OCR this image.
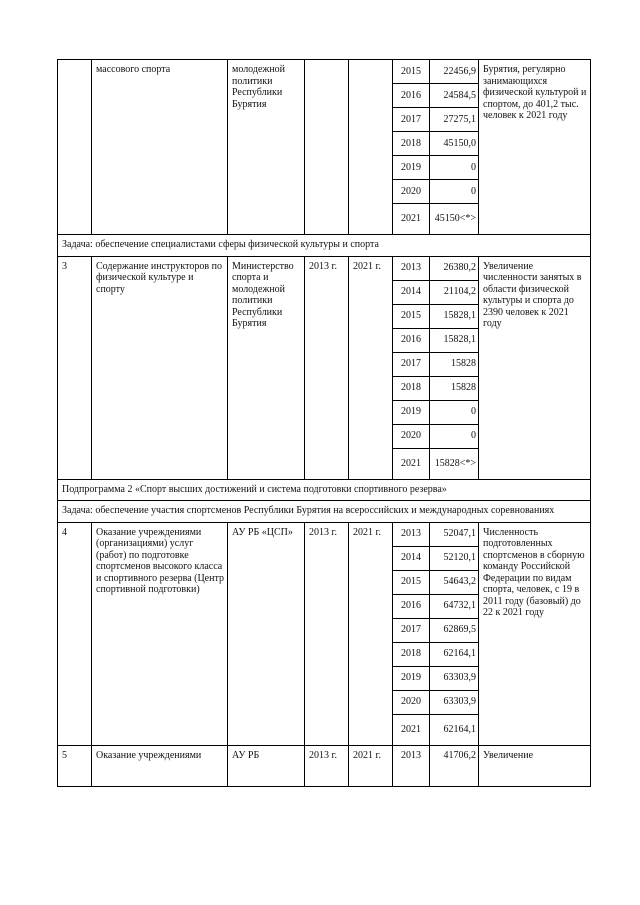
	массового спорта	молодежной политики Республики Бурятия			2015	22456,9	Бурятия, регулярно занимающихся физической культурой и спортом, до 401,2 тыс. человек к 2021 году
					2016	24584,5	
					2017	27275,1	
					2018	45150,0	
					2019	0	
					2020	0	
					2021	45150<*>	
Задача: обеспечение специалистами сферы физической культуры и спорта							
3	Содержание инструкторов по физической культуре и спорту	Министерство спорта и молодежной политики Республики Бурятия	2013 г.	2021 г.	2013	26380,2	Увеличение численности занятых в области физической культуры и спорта до 2390 человек к 2021 году
					2014	21104,2	
					2015	15828,1	
					2016	15828,1	
					2017	15828	
					2018	15828	
					2019	0	
					2020	0	
					2021	15828<*>	
Подпрограмма 2 «Спорт высших достижений и система подготовки спортивного резерва»							
Задача: обеспечение участия спортсменов Республики Бурятия на всероссийских и международных соревнованиях							
4	Оказание учреждениями (организациями) услуг (работ) по подготовке спортсменов высокого класса и спортивного резерва (Центр спортивной подготовки)	АУ РБ «ЦСП»	2013 г.	2021 г.	2013	52047,1	Численность подготовленных спортсменов в сборную команду Российской Федерации по видам спорта, человек, с 19 в 2011 году (базовый) до 22 к 2021 году
					2014	52120,1	
					2015	54643,2	
					2016	64732,1	
					2017	62869,5	
					2018	62164,1	
					2019	63303,9	
					2020	63303,9	
					2021	62164,1	
5	Оказание учреждениями	АУ РБ	2013 г.	2021 г.	2013	41706,2	Увеличение
